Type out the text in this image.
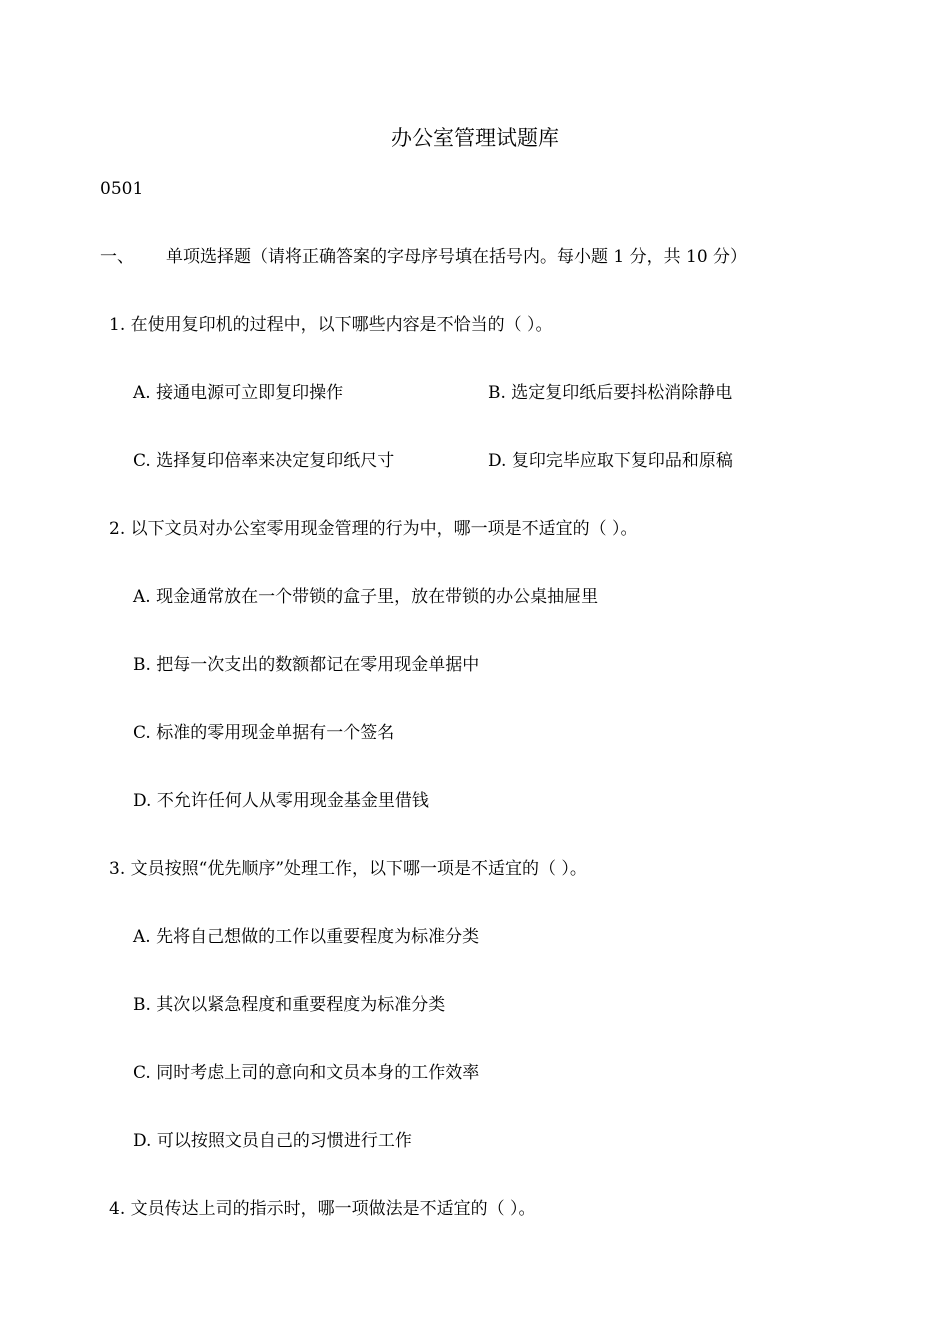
办公室管理试题库
0501
一、 单项选择题（请将正确答案的字母序号填在括号内。每小题 1 分，共 10 分）
1. 在使用复印机的过程中，以下哪些内容是不恰当的（ ）。
A. 接通电源可立即复印操作	B. 选定复印纸后要抖松消除静电
C. 选择复印倍率来决定复印纸尺寸	D. 复印完毕应取下复印品和原稿
2. 以下文员对办公室零用现金管理的行为中，哪一项是不适宜的（ ）。
A. 现金通常放在一个带锁的盒子里，放在带锁的办公桌抽屉里
B. 把每一次支出的数额都记在零用现金单据中
C. 标准的零用现金单据有一个签名
D. 不允许任何人从零用现金基金里借钱
3. 文员按照“优先顺序”处理工作，以下哪一项是不适宜的（ ）。
A. 先将自己想做的工作以重要程度为标准分类
B. 其次以紧急程度和重要程度为标准分类
C. 同时考虑上司的意向和文员本身的工作效率
D. 可以按照文员自己的习惯进行工作
4. 文员传达上司的指示时，哪一项做法是不适宜的（ ）。
